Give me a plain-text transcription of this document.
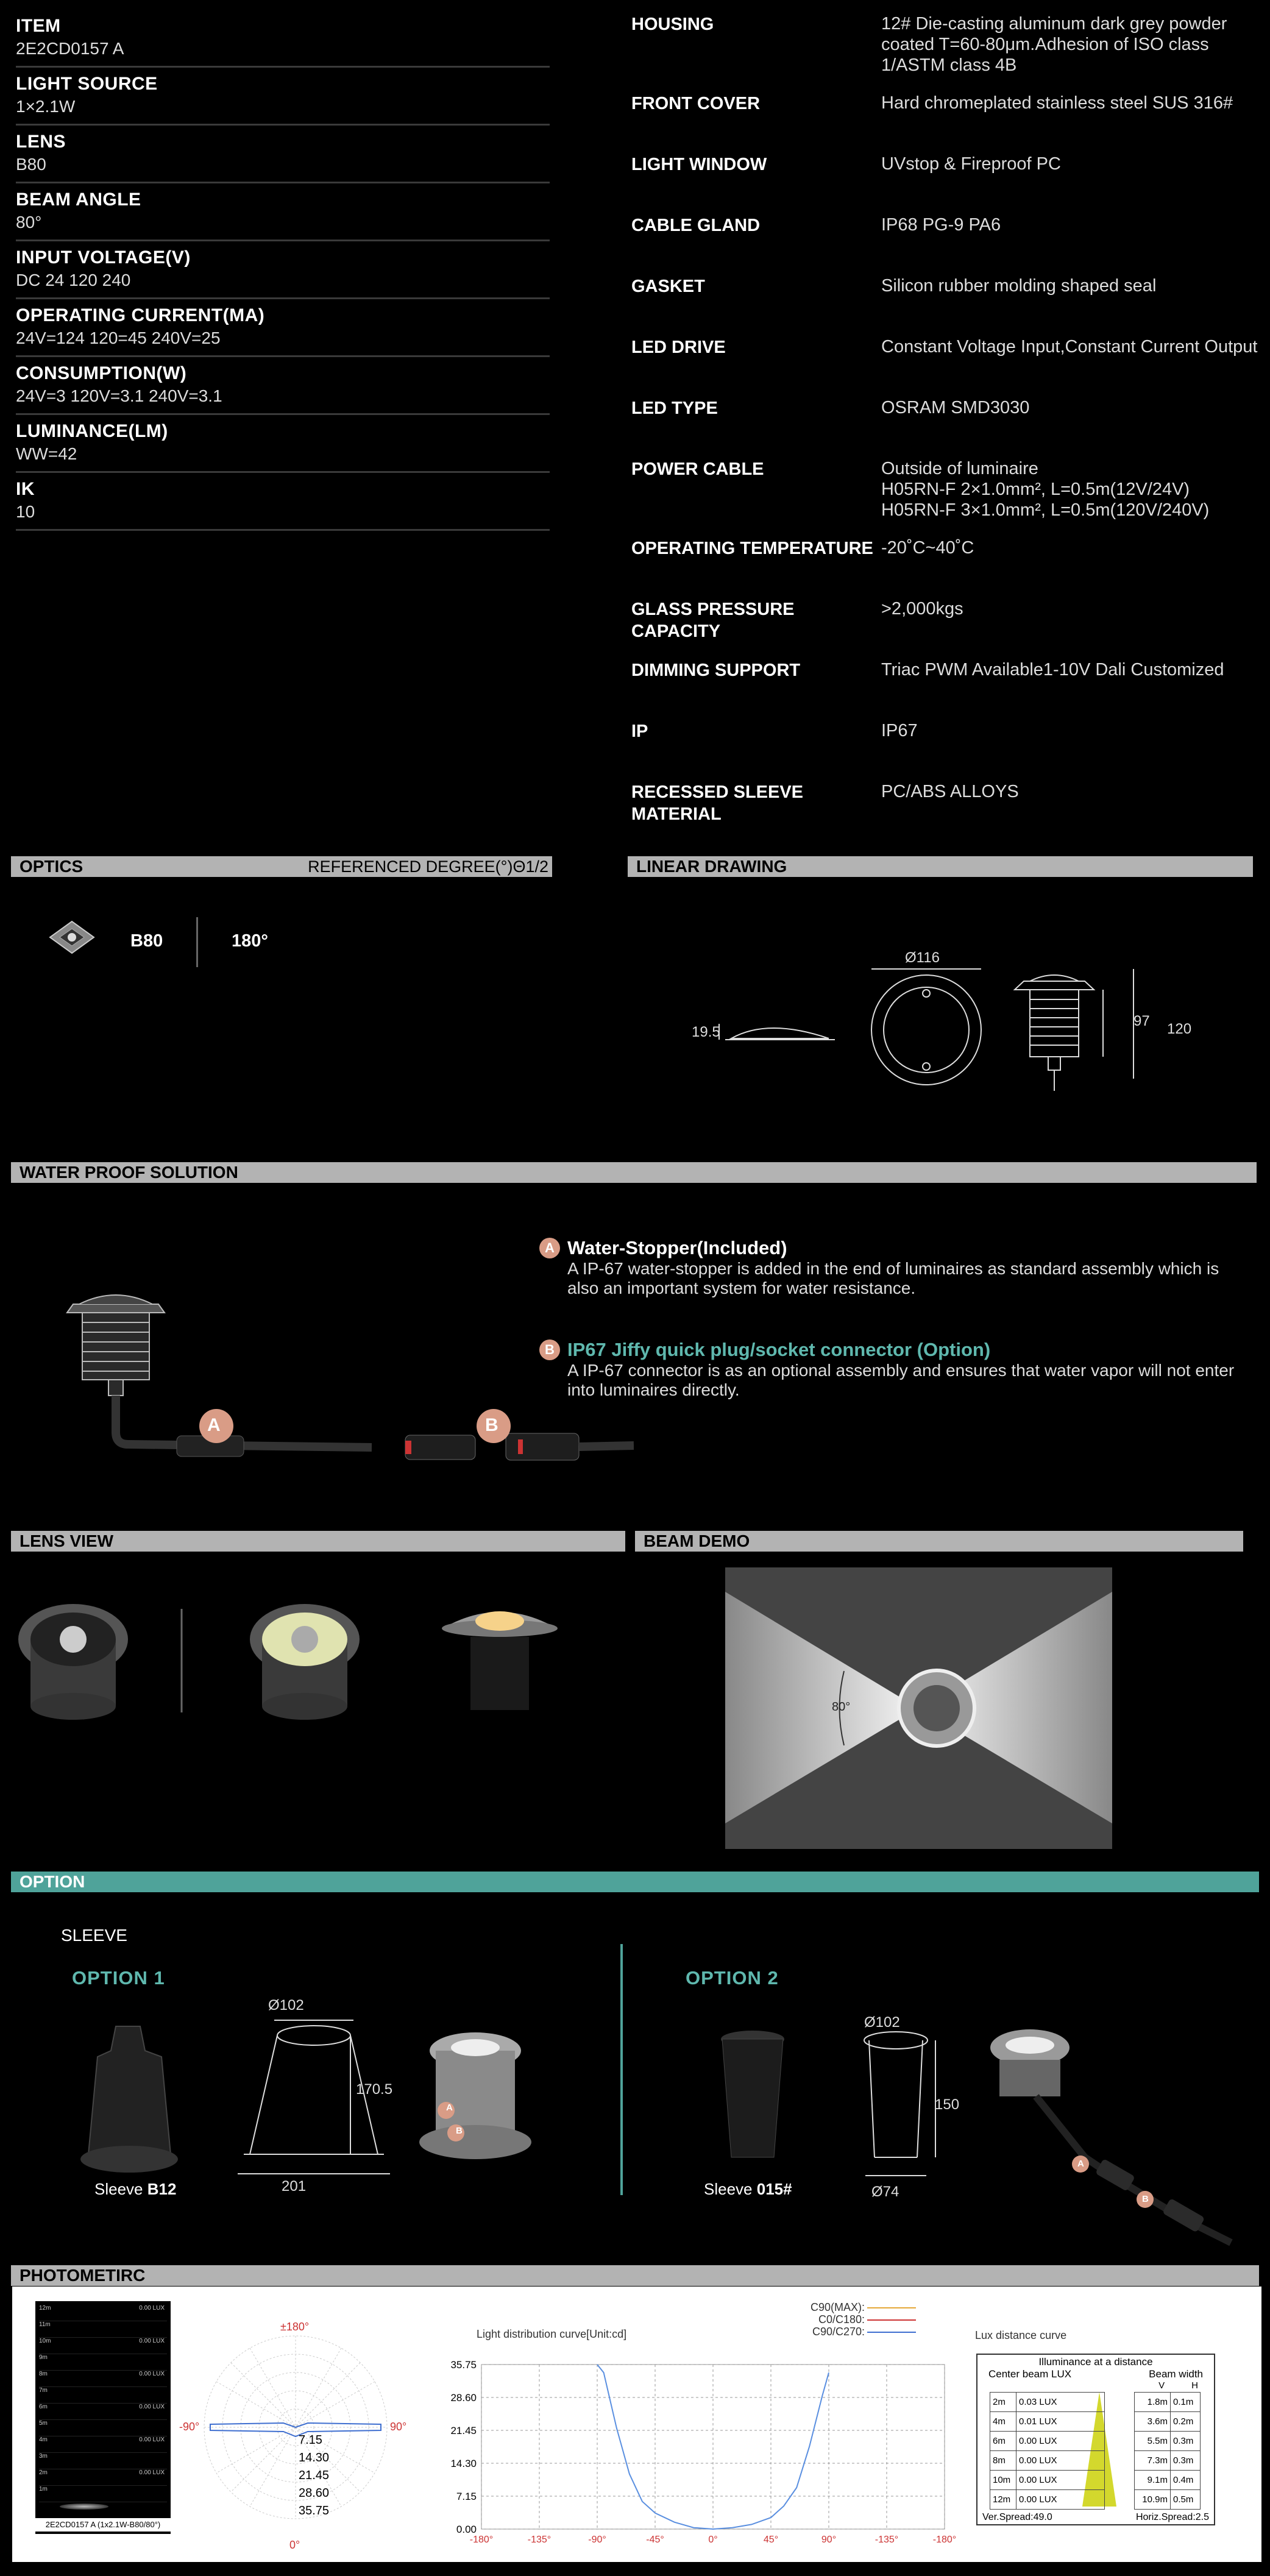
ITEM
2E2CD0157 A
LIGHT SOURCE
1×2.1W
LENS
B80
BEAM ANGLE
80°
INPUT VOLTAGE(V)
DC 24 120 240
OPERATING CURRENT(MA)
24V=124 120=45 240V=25
CONSUMPTION(W)
24V=3 120V=3.1 240V=3.1
LUMINANCE(LM)
WW=42
IK
10
HOUSING	12# Die-casting aluminum dark grey powder coated T=60-80μm.Adhesion of ISO class 1/ASTM class 4B
FRONT COVER	Hard chromeplated stainless steel SUS 316#
LIGHT WINDOW	UVstop & Fireproof PC
CABLE GLAND	IP68 PG-9 PA6
GASKET	Silicon rubber molding shaped seal
LED DRIVE	Constant Voltage Input,Constant Current Output
LED TYPE	OSRAM SMD3030
POWER CABLE	Outside of luminaire
H05RN-F 2×1.0mm², L=0.5m(12V/24V)
H05RN-F 3×1.0mm², L=0.5m(120V/240V)
OPERATING TEMPERATURE -20˚C~40˚C
GLASS PRESSURE CAPACITY
>2,000kgs
DIMMING SUPPORT	Triac PWM Available1-10V Dali Customized
IP	IP67
RECESSED SLEEVE MATERIAL
PC/ABS ALLOYS
OPTICS	REFERENCED DEGREE(°)Θ1/2
B80	180°
LINEAR DRAWING
Ø116
19.5
97 120
WATER PROOF SOLUTION
A	B
A Water-Stopper(Included)
A IP-67 water-stopper is added in the end of luminaires as standard assembly which is also an important system for water resistance.
B IP67 Jiffy quick plug/socket connector (Option)
A IP-67 connector is as an optional assembly and ensures that water vapor will not enter into luminaires directly.
LENS VIEW	BEAM DEMO
80°
OPTION
SLEEVE
OPTION 1	OPTION 2
Ø102
170.5
201
A
B
Sleeve B12
Ø102
150
Ø74
A
B
Sleeve 015#
PHOTOMETIRC
12m	0.00 LUX
11m
10m	0.00 LUX
9m
8m	0.00 LUX
7m
6m	0.00 LUX
5m
4m	0.00 LUX
3m
2m	0.00 LUX
1m
2E2CD0157 A (1x2.1W-B80/80°)
±180°
-90°	90°
0°
7.15
14.30
21.45
28.60
35.75
Light distribution curve[Unit:cd]
C90(MAX):
C0/C180:
C90/C270:
-180°	-135°	-90°	-45°	0°	45°	90°	-135°	-180°
35.75
28.60
21.45
14.30
7.15
0.00
Lux distance curve
Illuminance at a distance
Center beam LUX	Beam width
V	H
2m	0.03 LUX		1.8m	0.1m
4m	0.01 LUX		3.6m	0.2m
6m	0.00 LUX		5.5m	0.3m
8m	0.00 LUX		7.3m	0.3m
10m	0.00 LUX		9.1m	0.4m
12m	0.00 LUX		10.9m	0.5m
Ver.Spread:49.0	Horiz.Spread:2.5
